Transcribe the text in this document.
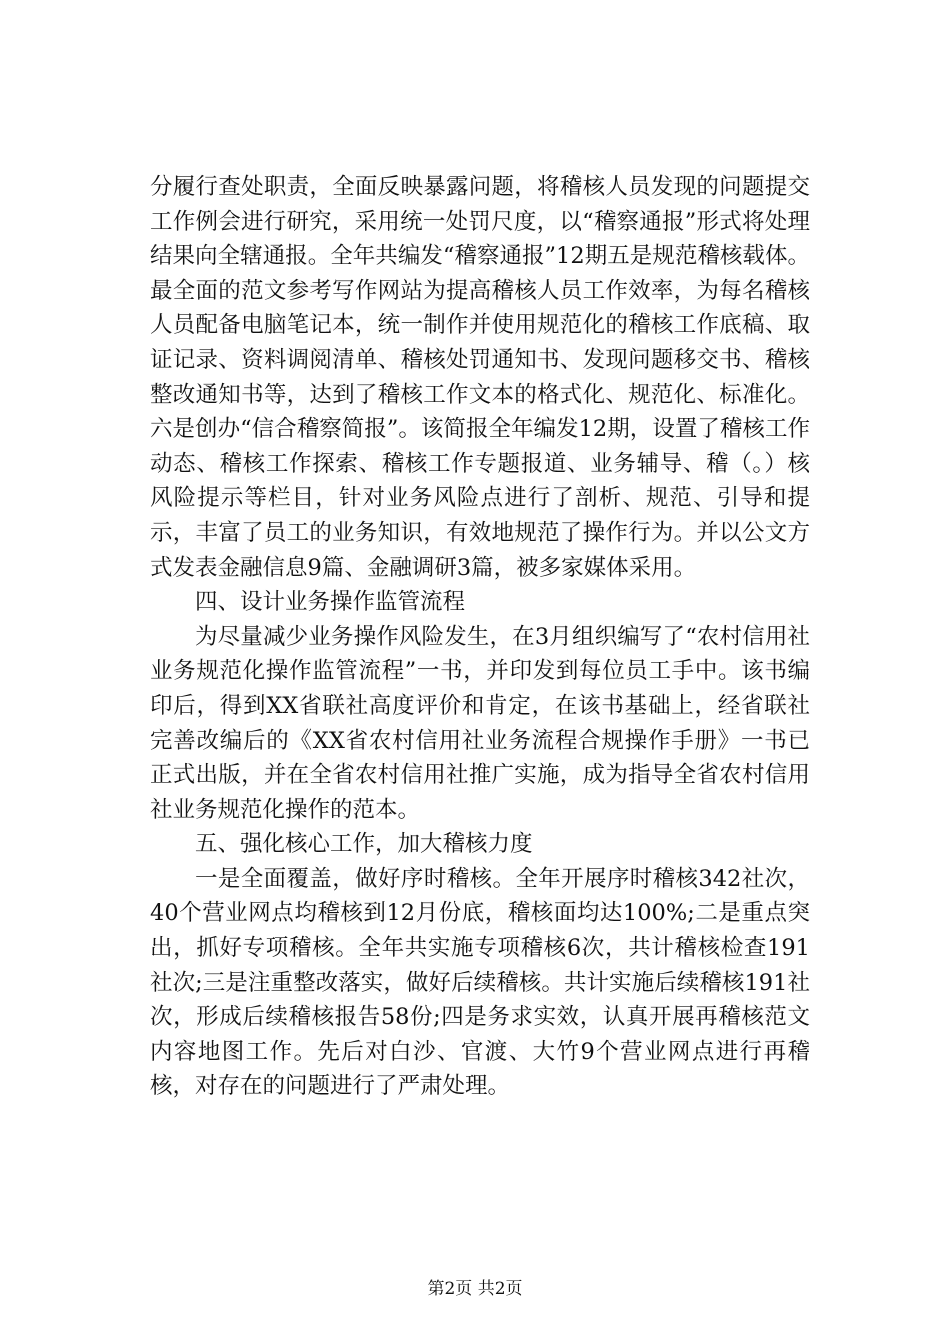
分履行查处职责，全面反映暴露问题，将稽核人员发现的问题提交工作例会进行研究，采用统一处罚尺度，以“稽察通报”形式将处理结果向全辖通报。全年共编发“稽察通报”12期五是规范稽核载体。最全面的范文参考写作网站为提高稽核人员工作效率，为每名稽核人员配备电脑笔记本，统一制作并使用规范化的稽核工作底稿、取证记录、资料调阅清单、稽核处罚通知书、发现问题移交书、稽核整改通知书等，达到了稽核工作文本的格式化、规范化、标准化。六是创办“信合稽察简报”。该简报全年编发12期，设置了稽核工作动态、稽核工作探索、稽核工作专题报道、业务辅导、稽（。）核风险提示等栏目，针对业务风险点进行了剖析、规范、引导和提示，丰富了员工的业务知识，有效地规范了操作行为。并以公文方式发表金融信息9篇、金融调研3篇，被多家媒体采用。

四、设计业务操作监管流程

为尽量减少业务操作风险发生，在3月组织编写了“农村信用社业务规范化操作监管流程”一书，并印发到每位员工手中。该书编印后，得到XX省联社高度评价和肯定，在该书基础上，经省联社完善改编后的《XX省农村信用社业务流程合规操作手册》一书已正式出版，并在全省农村信用社推广实施，成为指导全省农村信用社业务规范化操作的范本。

五、强化核心工作，加大稽核力度

一是全面覆盖，做好序时稽核。全年开展序时稽核342社次，40个营业网点均稽核到12月份底，稽核面均达100%;二是重点突出，抓好专项稽核。全年共实施专项稽核6次，共计稽核检查191社次;三是注重整改落实，做好后续稽核。共计实施后续稽核191社次，形成后续稽核报告58份;四是务求实效，认真开展再稽核范文内容地图工作。先后对白沙、官渡、大竹9个营业网点进行再稽核，对存在的问题进行了严肃处理。

第2页 共2页
